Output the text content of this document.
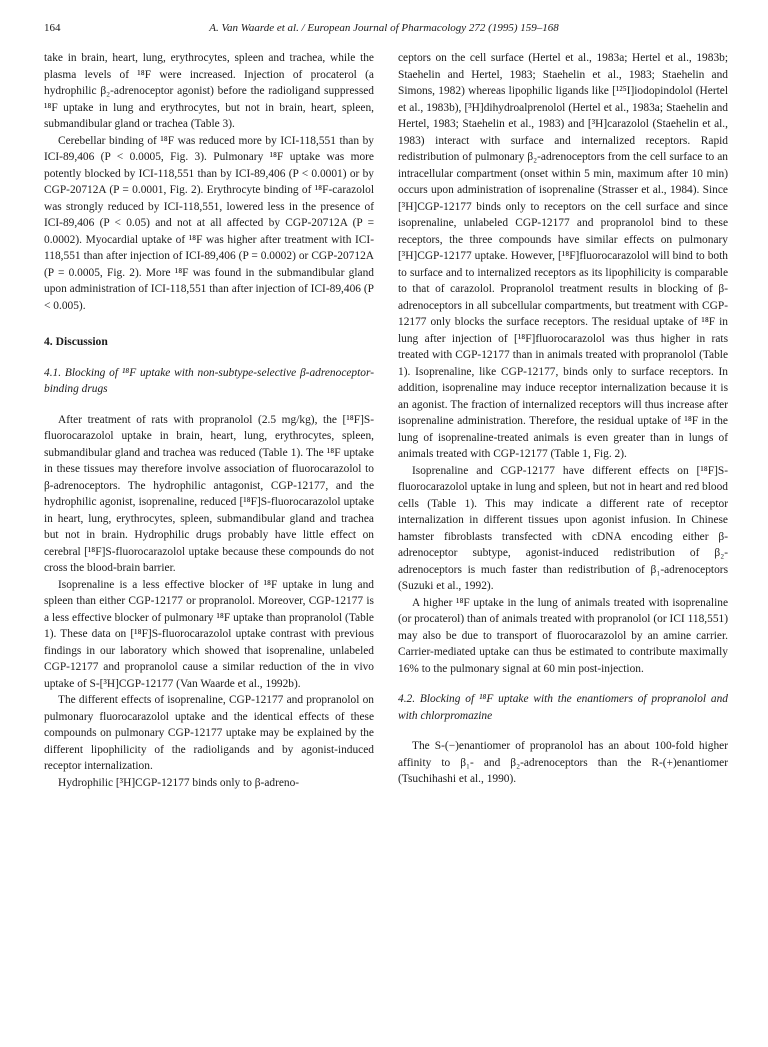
164	A. Van Waarde et al. / European Journal of Pharmacology 272 (1995) 159–168

take in brain, heart, lung, erythrocytes, spleen and trachea, while the plasma levels of ¹⁸F were increased. Injection of procaterol (a hydrophilic β₂-adrenoceptor agonist) before the radioligand suppressed ¹⁸F uptake in lung and erythrocytes, but not in brain, heart, spleen, submandibular gland or trachea (Table 3).

Cerebellar binding of ¹⁸F was reduced more by ICI-118,551 than by ICI-89,406 (P < 0.0005, Fig. 3). Pulmonary ¹⁸F uptake was more potently blocked by ICI-118,551 than by ICI-89,406 (P < 0.0001) or by CGP-20712A (P = 0.0001, Fig. 2). Erythrocyte binding of ¹⁸F-carazolol was strongly reduced by ICI-118,551, lowered less in the presence of ICI-89,406 (P < 0.05) and not at all affected by CGP-20712A (P = 0.0002). Myocardial uptake of ¹⁸F was higher after treatment with ICI-118,551 than after injection of ICI-89,406 (P = 0.0002) or CGP-20712A (P = 0.0005, Fig. 2). More ¹⁸F was found in the submandibular gland upon administration of ICI-118,551 than after injection of ICI-89,406 (P < 0.005).

4. Discussion
4.1. Blocking of ¹⁸F uptake with non-subtype-selective β-adrenoceptor-binding drugs

After treatment of rats with propranolol (2.5 mg/kg), the [¹⁸F]S-fluorocarazolol uptake in brain, heart, lung, erythrocytes, spleen, submandibular gland and trachea was reduced (Table 1). The ¹⁸F uptake in these tissues may therefore involve association of fluorocarazolol to β-adrenoceptors. The hydrophilic antagonist, CGP-12177, and the hydrophilic agonist, isoprenaline, reduced [¹⁸F]S-fluorocarazolol uptake in heart, lung, erythrocytes, spleen, submandibular gland and trachea but not in brain. Hydrophilic drugs probably have little effect on cerebral [¹⁸F]S-fluorocarazolol uptake because these compounds do not cross the blood-brain barrier.

Isoprenaline is a less effective blocker of ¹⁸F uptake in lung and spleen than either CGP-12177 or propranolol. Moreover, CGP-12177 is a less effective blocker of pulmonary ¹⁸F uptake than propranolol (Table 1). These data on [¹⁸F]S-fluorocarazolol uptake contrast with previous findings in our laboratory which showed that isoprenaline, unlabeled CGP-12177 and propranolol cause a similar reduction of the in vivo uptake of S-[³H]CGP-12177 (Van Waarde et al., 1992b).

The different effects of isoprenaline, CGP-12177 and propranolol on pulmonary fluorocarazolol uptake and the identical effects of these compounds on pulmonary CGP-12177 uptake may be explained by the different lipophilicity of the radioligands and by agonist-induced receptor internalization.

Hydrophilic [³H]CGP-12177 binds only to β-adreno-

ceptors on the cell surface (Hertel et al., 1983a; Hertel et al., 1983b; Staehelin and Hertel, 1983; Staehelin et al., 1983; Staehelin and Simons, 1982) whereas lipophilic ligands like [¹²⁵I]iodopindolol (Hertel et al., 1983b), [³H]dihydroalprenolol (Hertel et al., 1983a; Staehelin and Hertel, 1983; Staehelin et al., 1983) and [³H]carazolol (Staehelin et al., 1983) interact with surface and internalized receptors. Rapid redistribution of pulmonary β₂-adrenoceptors from the cell surface to an intracellular compartment (onset within 5 min, maximum after 10 min) occurs upon administration of isoprenaline (Strasser et al., 1984). Since [³H]CGP-12177 binds only to receptors on the cell surface and since isoprenaline, unlabeled CGP-12177 and propranolol bind to these receptors, the three compounds have similar effects on pulmonary [³H]CGP-12177 uptake. However, [¹⁸F]fluorocarazolol will bind to both to surface and to internalized receptors as its lipophilicity is comparable to that of carazolol. Propranolol treatment results in blocking of β-adrenoceptors in all subcellular compartments, but treatment with CGP-12177 only blocks the surface receptors. The residual uptake of ¹⁸F in lung after injection of [¹⁸F]fluorocarazolol was thus higher in rats treated with CGP-12177 than in animals treated with propranolol (Table 1). Isoprenaline, like CGP-12177, binds only to surface receptors. In addition, isoprenaline may induce receptor internalization because it is an agonist. The fraction of internalized receptors will thus increase after isoprenaline administration. Therefore, the residual uptake of ¹⁸F in the lung of isoprenaline-treated animals is even greater than in lungs of animals treated with CGP-12177 (Table 1, Fig. 2).

Isoprenaline and CGP-12177 have different effects on [¹⁸F]S-fluorocarazolol uptake in lung and spleen, but not in heart and red blood cells (Table 1). This may indicate a different rate of receptor internalization in different tissues upon agonist infusion. In Chinese hamster fibroblasts transfected with cDNA encoding either β-adrenoceptor subtype, agonist-induced redistribution of β₂-adrenoceptors is much faster than redistribution of β₁-adrenoceptors (Suzuki et al., 1992).

A higher ¹⁸F uptake in the lung of animals treated with isoprenaline (or procaterol) than of animals treated with propranolol (or ICI 118,551) may also be due to transport of fluorocarazolol by an amine carrier. Carrier-mediated uptake can thus be estimated to contribute maximally 16% to the pulmonary signal at 60 min post-injection.

4.2. Blocking of ¹⁸F uptake with the enantiomers of propranolol and with chlorpromazine

The S-(−)enantiomer of propranolol has an about 100-fold higher affinity to β₁- and β₂-adrenoceptors than the R-(+)enantiomer (Tsuchihashi et al., 1990).
